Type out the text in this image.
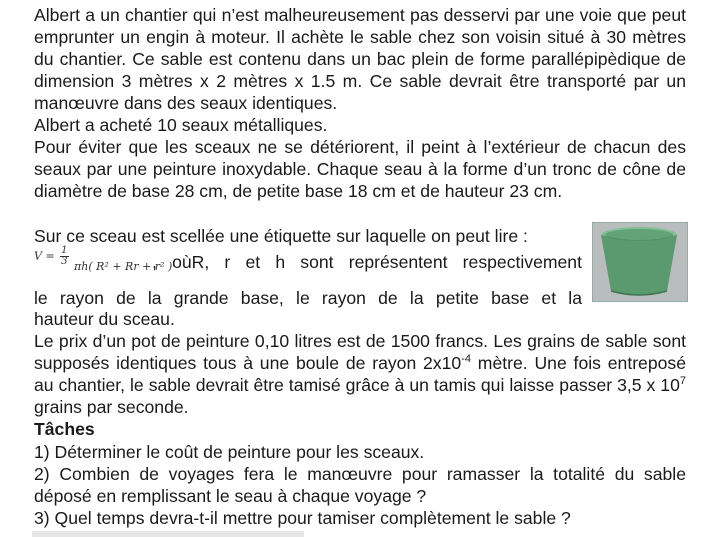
Albert a un chantier qui n’est malheureusement pas desservi par une voie que peut emprunter un engin à moteur. Il achète le sable chez son voisin situé à 30 mètres du chantier. Ce sable est contenu dans un bac plein de forme parallépipèdique de dimension 3 mètres x 2 mètres x 1.5 m. Ce sable devrait être transporté par un manœuvre dans des seaux identiques.
Albert a acheté 10 seaux métalliques.
Pour éviter que les sceaux ne se détériorent, il peint à l’extérieur de chacun des seaux par une peinture inoxydable. Chaque seau à la forme d’un tronc de cône de diamètre de base 28 cm, de petite base 18 cm et de hauteur 23 cm.
Sur ce sceau est scellée une étiquette sur laquelle on peut lire :
$V = \frac{1}{3} \pi h$( R² + Rr + r² )
, oùR, r et h sont représentent respectivement
le rayon de la grande base, le rayon de la petite base et la
hauteur du sceau.
Le prix d’un pot de peinture 0,10 litres est de 1500 francs. Les grains de sable sont supposés identiques tous à une boule de rayon $2x10^{-4}$ mètre. Une fois entreposé au chantier, le sable devrait être tamisé grâce à un tamis qui laisse passer 3,5 x $10^7$ grains par seconde.
Tâches
1) Déterminer le coût de peinture pour les sceaux.
2) Combien de voyages fera le manœuvre pour ramasser la totalité du sable déposé en remplissant le seau à chaque voyage ?
3) Quel temps devra-t-il mettre pour tamiser complètement le sable ?
